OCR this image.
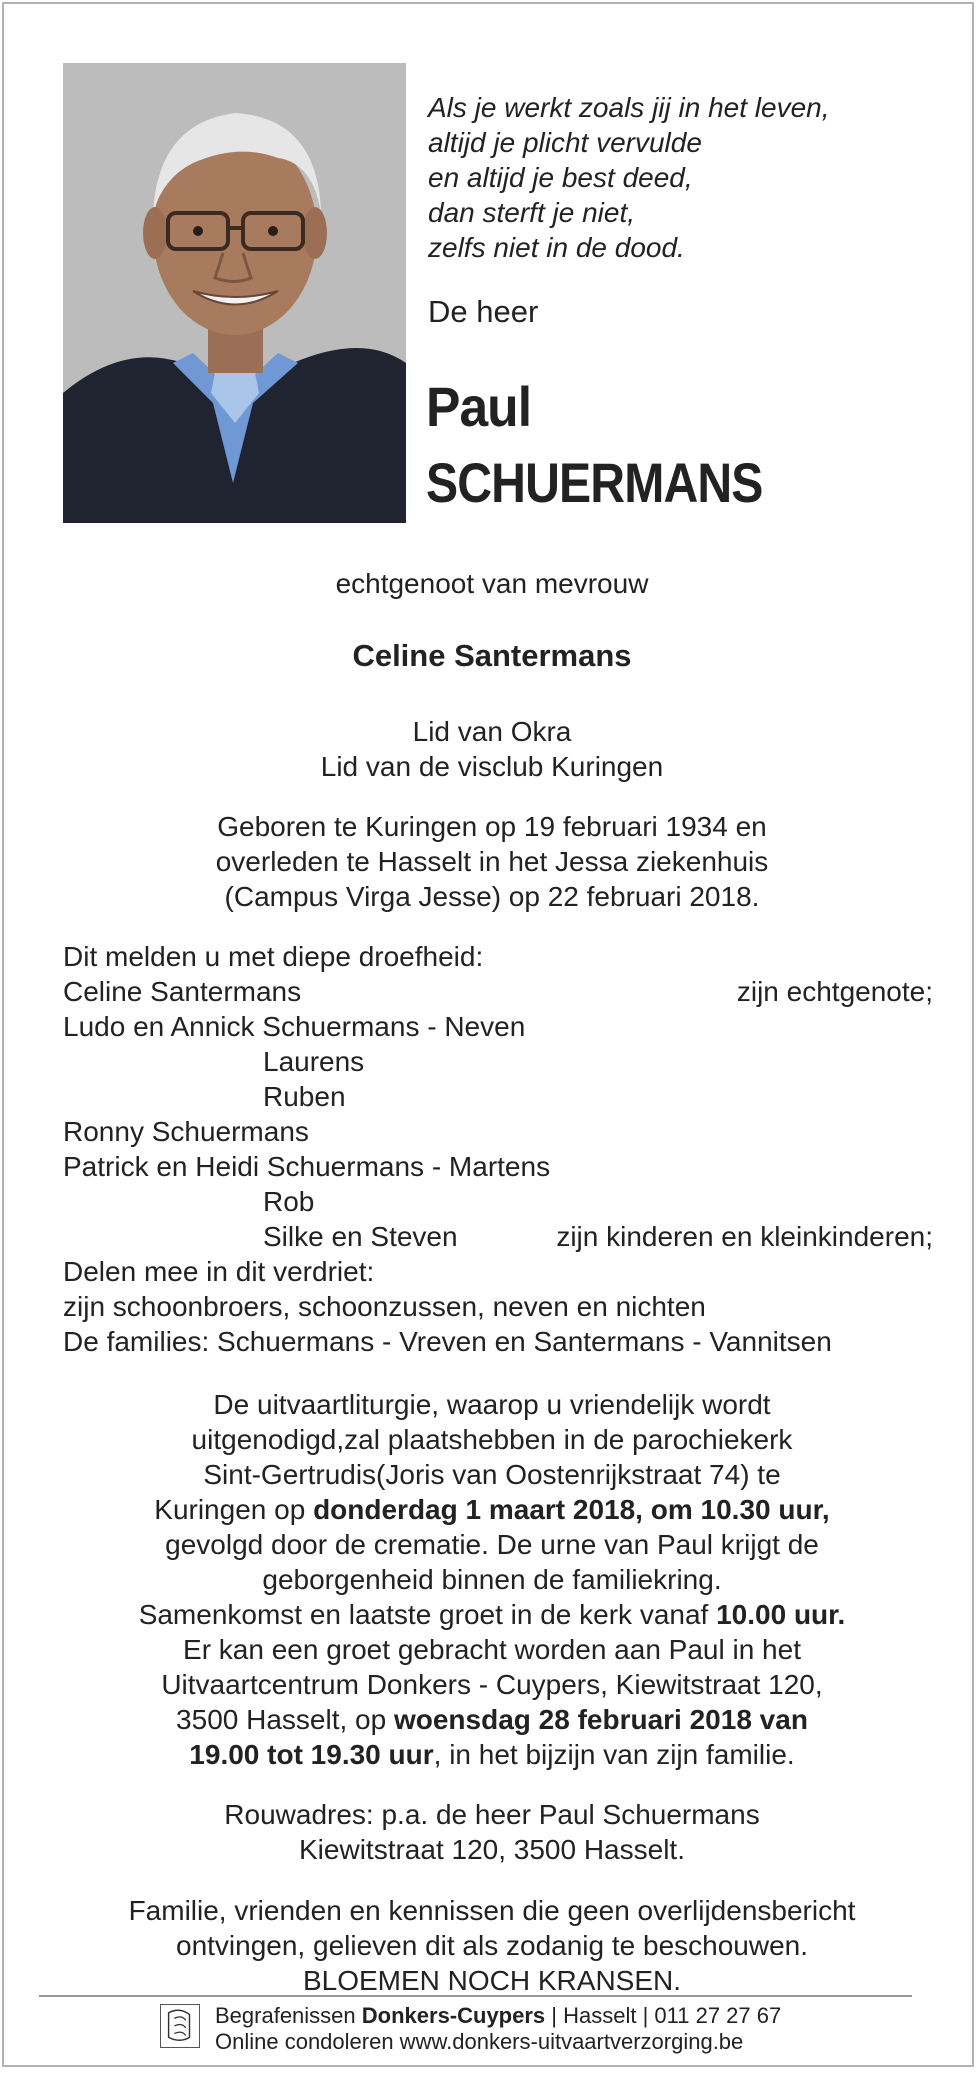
Als je werkt zoals jij in het leven,
altijd je plicht vervulde
en altijd je best deed,
dan sterft je niet,
zelfs niet in de dood.
De heer
Paul
SCHUERMANS
echtgenoot van mevrouw
Celine Santermans
Lid van Okra
Lid van de visclub Kuringen
Geboren te Kuringen op 19 februari 1934 en
overleden te Hasselt in het Jessa ziekenhuis
(Campus Virga Jesse) op 22 februari 2018.
Dit melden u met diepe droefheid:
Celine Santermans	zijn echtgenote;
Ludo en Annick Schuermans - Neven
Laurens
Ruben
Ronny Schuermans
Patrick en Heidi Schuermans - Martens
Rob
Silke en Steven	zijn kinderen en kleinkinderen;
Delen mee in dit verdriet:
zijn schoonbroers, schoonzussen, neven en nichten
De families: Schuermans - Vreven en Santermans - Vannitsen
De uitvaartliturgie, waarop u vriendelijk wordt
uitgenodigd,zal plaatshebben in de parochiekerk
Sint-Gertrudis(Joris van Oostenrijkstraat 74) te
Kuringen op donderdag 1 maart 2018, om 10.30 uur,
gevolgd door de crematie. De urne van Paul krijgt de
geborgenheid binnen de familiekring.
Samenkomst en laatste groet in de kerk vanaf 10.00 uur.
Er kan een groet gebracht worden aan Paul in het
Uitvaartcentrum Donkers - Cuypers, Kiewitstraat 120,
3500 Hasselt, op woensdag 28 februari 2018 van
19.00 tot 19.30 uur, in het bijzijn van zijn familie.
Rouwadres: p.a. de heer Paul Schuermans
Kiewitstraat 120, 3500 Hasselt.
Familie, vrienden en kennissen die geen overlijdensbericht
ontvingen, gelieven dit als zodanig te beschouwen.
BLOEMEN NOCH KRANSEN.
Begrafenissen Donkers-Cuypers | Hasselt | 011 27 27 67
Online condoleren www.donkers-uitvaartverzorging.be
